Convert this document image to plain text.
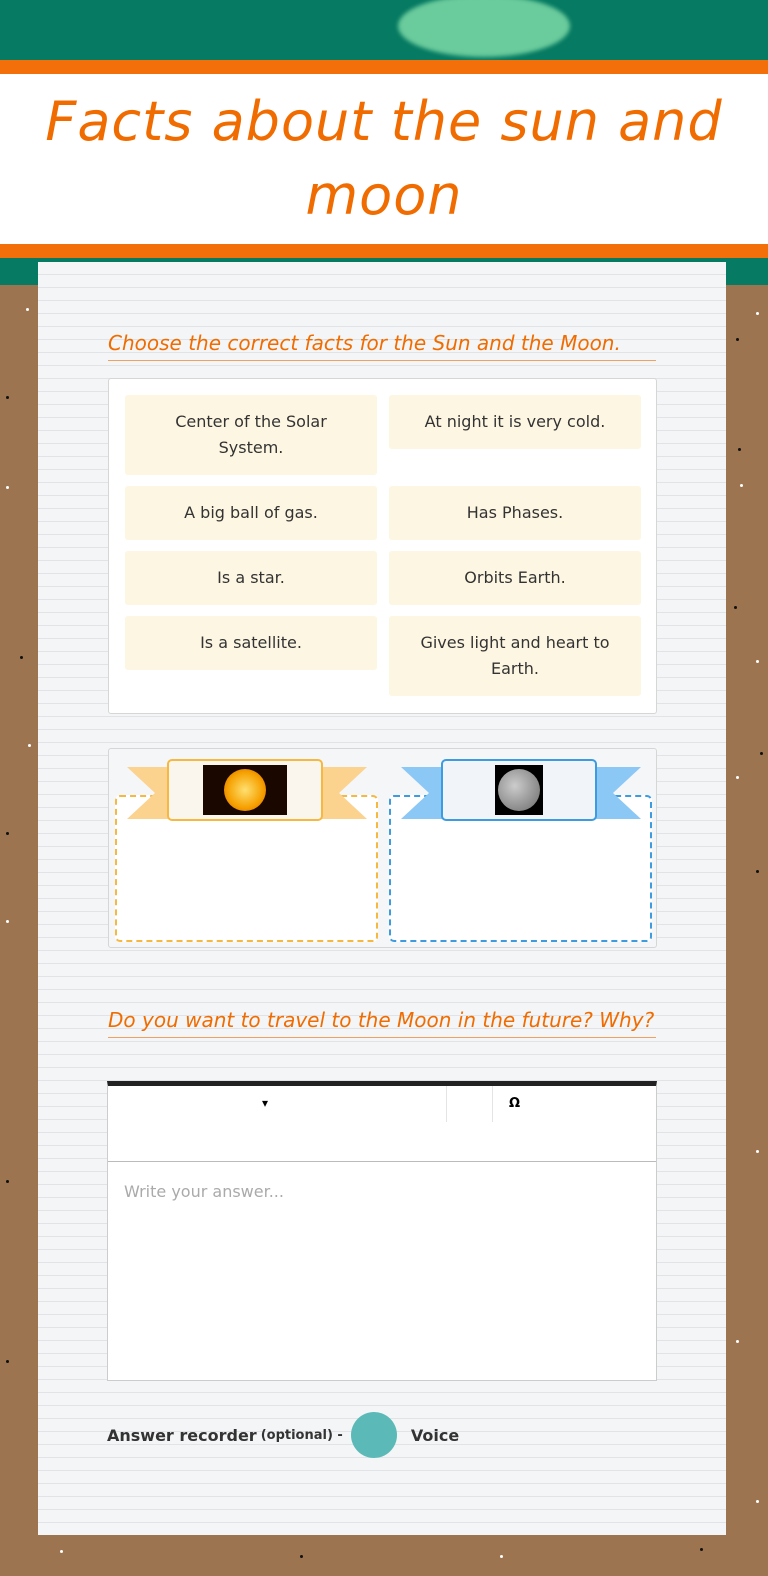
Facts about the sun and moon
Choose the correct facts for the Sun and the Moon.
Center of the Solar System.
At night it is very cold.
A big ball of gas.	Has Phases.
Is a star.	Orbits Earth.
Is a satellite.	Gives light and heart to Earth.
Do you want to travel to the Moon in the future? Why?
▾	Ω
Write your answer...
Answer recorder (optional) -	Voice
